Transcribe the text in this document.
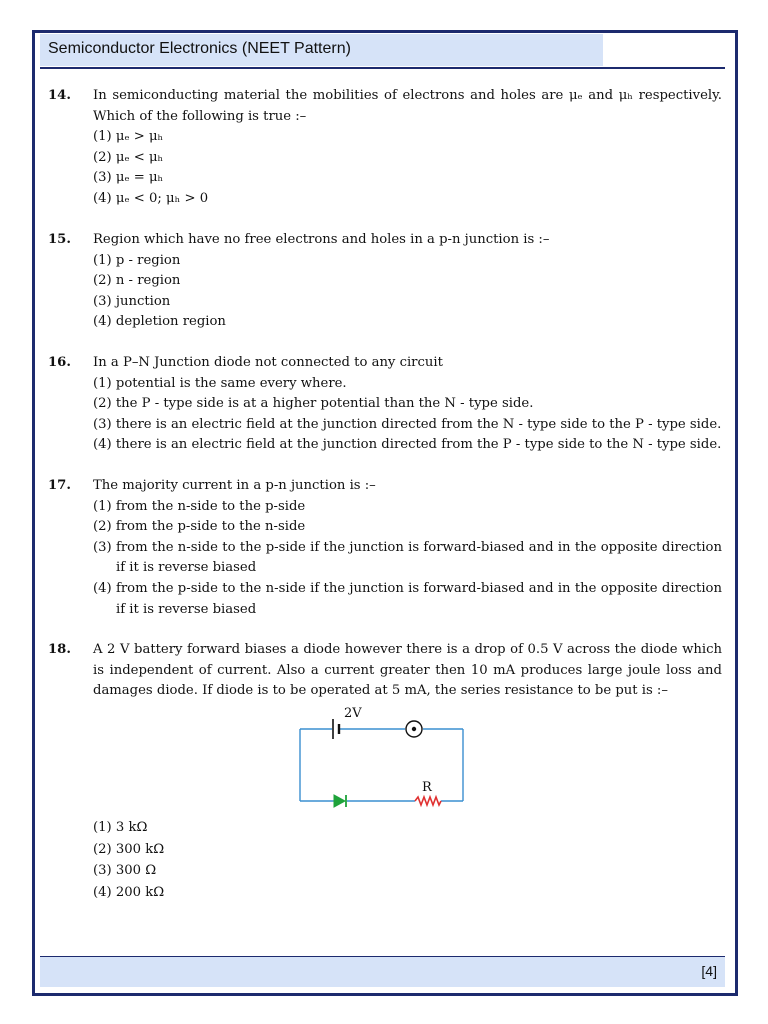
Semiconductor Electronics (NEET Pattern)
14.	In semiconducting material the mobilities of electrons and holes are μₑ and μₕ respectively. Which of the following is true :–
(1) μₑ > μₕ
(2) μₑ < μₕ
(3) μₑ = μₕ
(4) μₑ < 0; μₕ > 0
15.	Region which have no free electrons and holes in a p-n junction is :–
(1) p - region
(2) n - region
(3) junction
(4) depletion region
16.	In a P–N Junction diode not connected to any circuit
(1) potential is the same every where.
(2) the P - type side is at a higher potential than the N - type side.
(3) there is an electric field at the junction directed from the N - type side to the P - type side.
(4) there is an electric field at the junction directed from the P - type side to the N - type side.
17.	The majority current in a p-n junction is :–
(1) from the n-side to the p-side
(2) from the p-side to the n-side
(3) from the n-side to the p-side if the junction is forward-biased and in the opposite direction if it is reverse biased
(4) from the p-side to the n-side if the junction is forward-biased and in the opposite direction if it is reverse biased
18.	A 2 V battery forward biases a diode however there is a drop of 0.5 V across the diode which is independent of current. Also a current greater then 10 mA produces large joule loss and damages diode. If diode is to be operated at 5 mA, the series resistance to be put is :–
2V
R
(1) 3 kΩ
(2) 300 kΩ
(3) 300 Ω
(4) 200 kΩ
[4]
